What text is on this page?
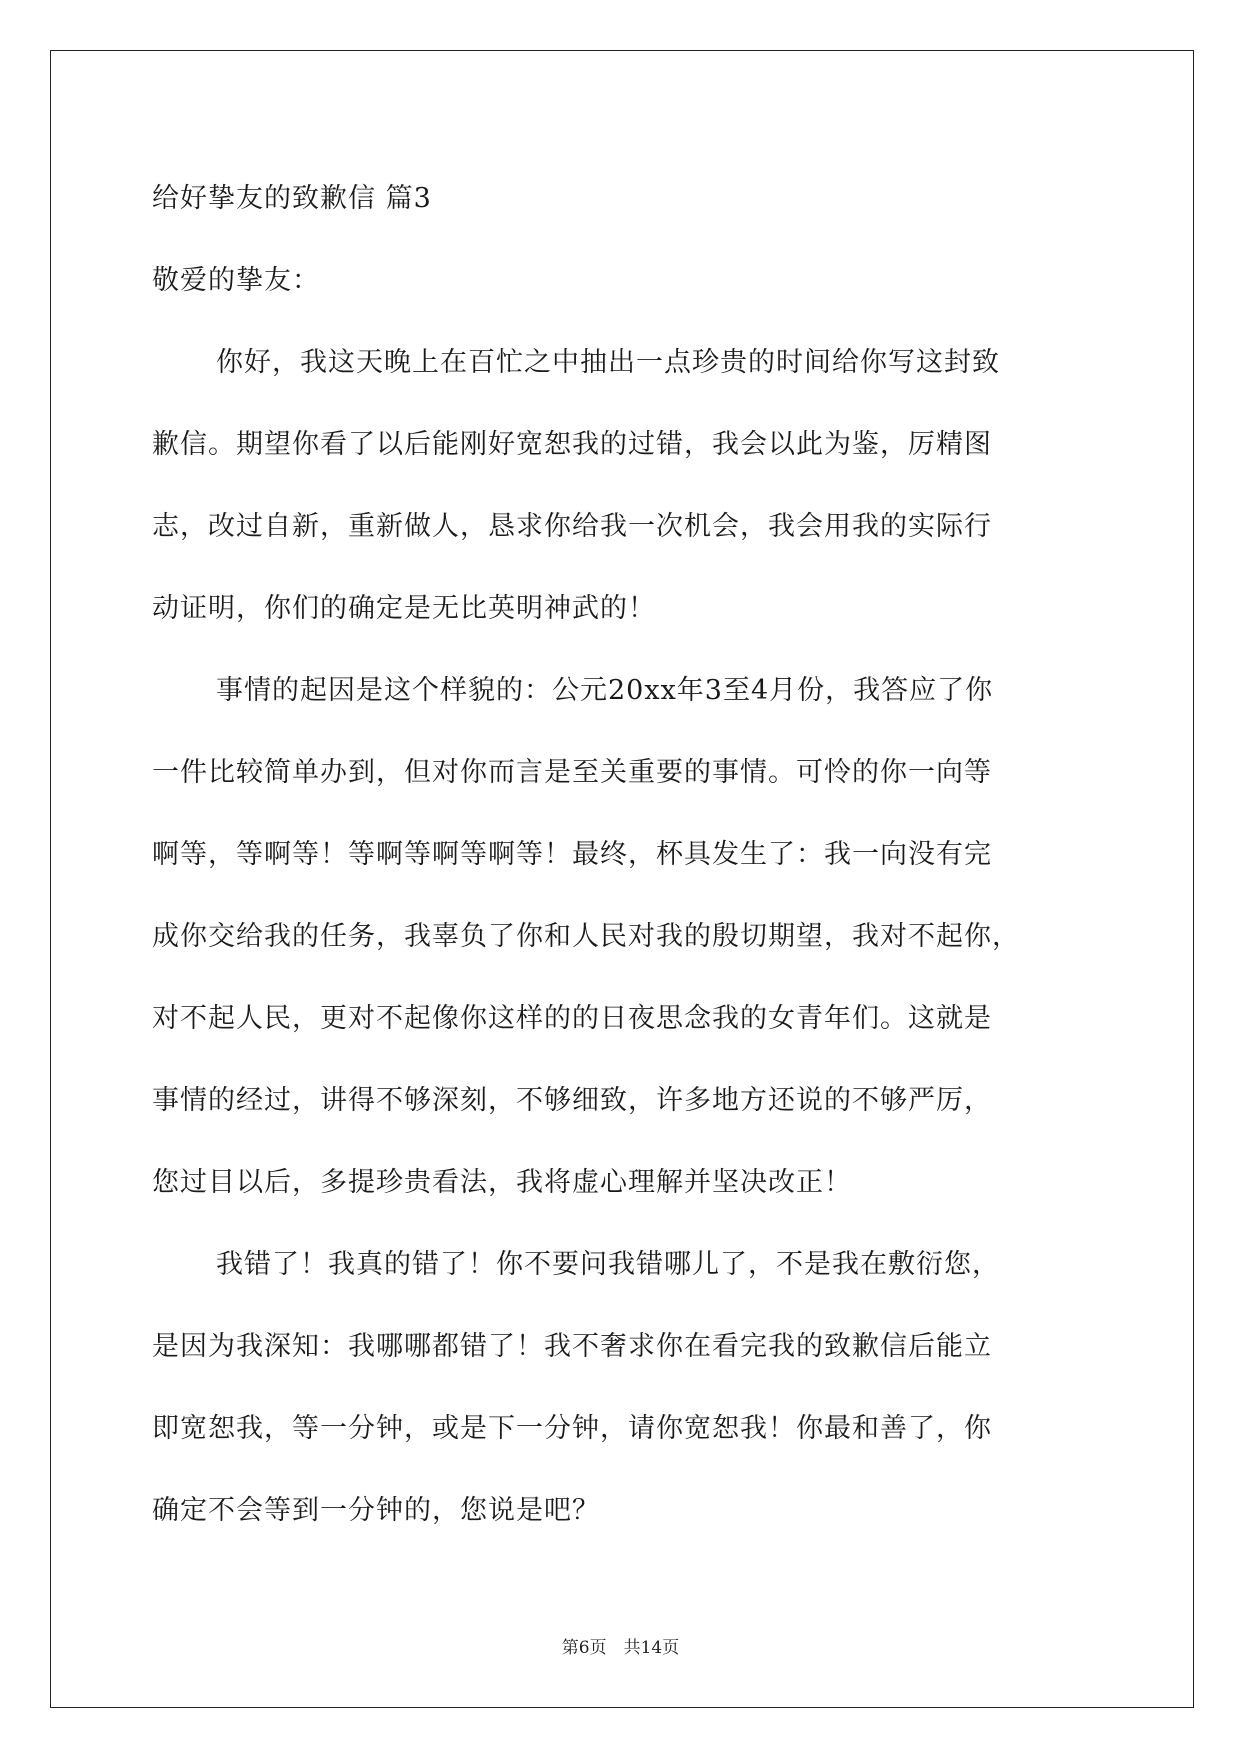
给好挚友的致歉信 篇3

敬爱的挚友：

你好，我这天晚上在百忙之中抽出一点珍贵的时间给你写这封致

歉信。期望你看了以后能刚好宽恕我的过错，我会以此为鉴，厉精图

志，改过自新，重新做人，恳求你给我一次机会，我会用我的实际行

动证明，你们的确定是无比英明神武的！

事情的起因是这个样貌的：公元20xx年3至4月份，我答应了你

一件比较简单办到，但对你而言是至关重要的事情。可怜的你一向等

啊等，等啊等！等啊等啊等啊等！最终，杯具发生了：我一向没有完

成你交给我的任务，我辜负了你和人民对我的殷切期望，我对不起你，

对不起人民，更对不起像你这样的的日夜思念我的女青年们。这就是

事情的经过，讲得不够深刻，不够细致，许多地方还说的不够严厉，

您过目以后，多提珍贵看法，我将虚心理解并坚决改正！

我错了！我真的错了！你不要问我错哪儿了，不是我在敷衍您，

是因为我深知：我哪哪都错了！我不奢求你在看完我的致歉信后能立

即宽恕我，等一分钟，或是下一分钟，请你宽恕我！你最和善了，你

确定不会等到一分钟的，您说是吧？

第6页　共14页
